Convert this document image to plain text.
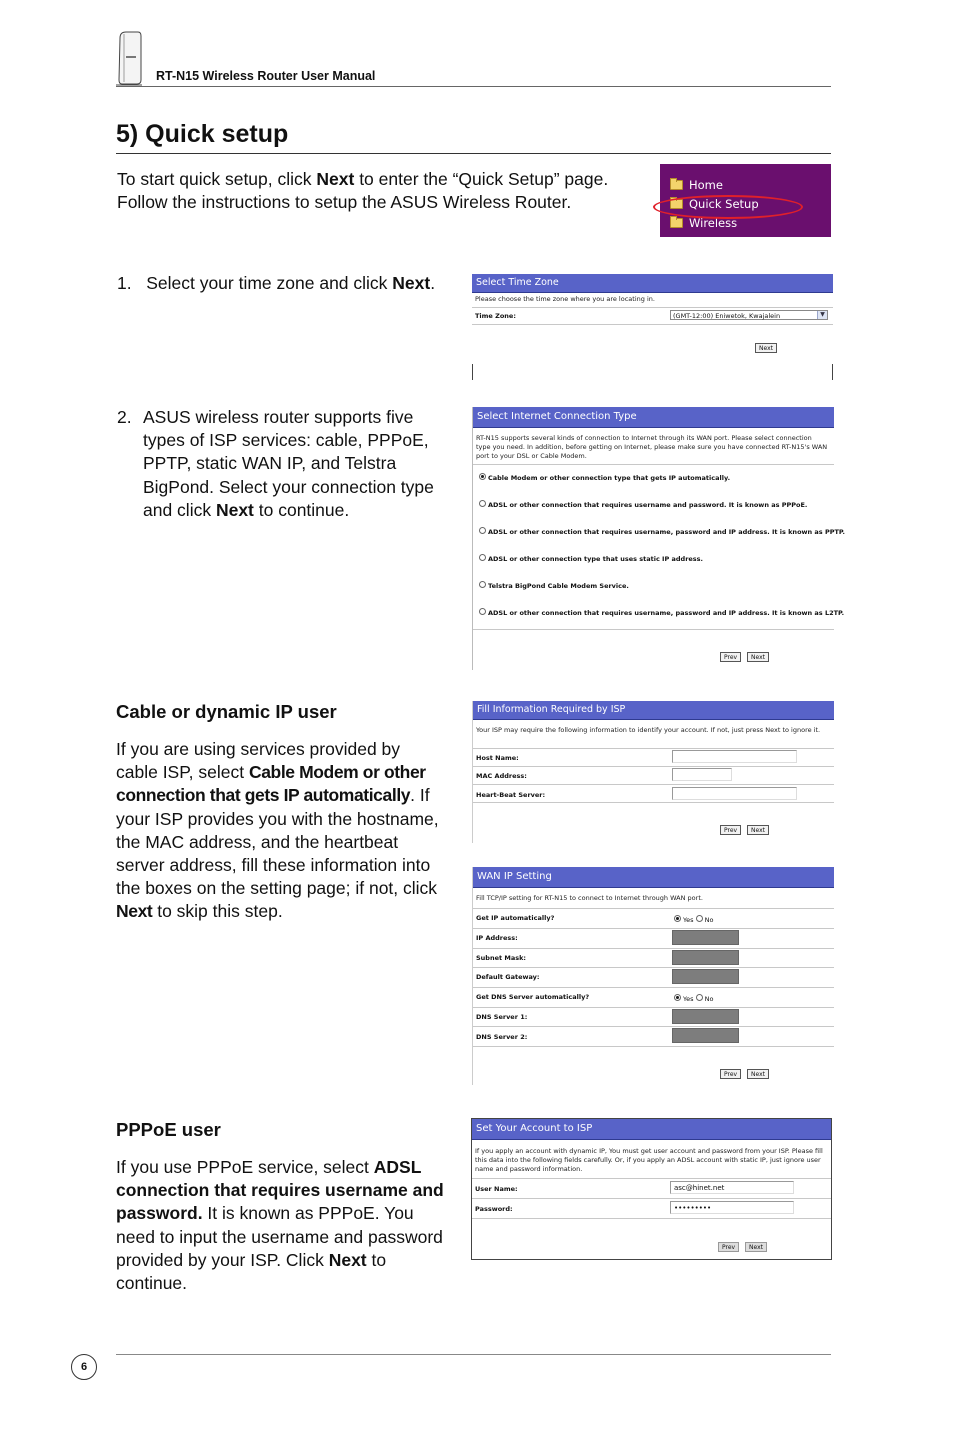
RT-N15 Wireless Router User Manual
5) Quick setup
To start quick setup, click Next to enter the “Quick Setup” page.
Follow the instructions to setup the ASUS Wireless Router.
Home
Quick Setup
Wireless
1. Select your time zone and click Next.	Select Time Zone
Please choose the time zone where you are locating in.
Time Zone:	(GMT-12:00) Eniwetok, Kwajalein	▼
Next
2. ASUS wireless router supports five types of ISP services: cable, PPPoE, PPTP, static WAN IP, and Telstra BigPond. Select your connection type and click Next to continue.
Select Internet Connection Type
RT-N15 supports several kinds of connection to Internet through its WAN port. Please select connection type you need. In addition, before getting on Internet, please make sure you have connected RT-N15's WAN port to your DSL or Cable Modem.
Cable Modem or other connection type that gets IP automatically.
ADSL or other connection that requires username and password. It is known as PPPoE.
ADSL or other connection that requires username, password and IP address. It is known as PPTP.
ADSL or other connection type that uses static IP address.
Telstra BigPond Cable Modem Service.
ADSL or other connection that requires username, password and IP address. It is known as L2TP.
Prev	Next
Cable or dynamic IP user
If you are using services provided by cable ISP, select Cable Modem or other connection that gets IP automatically. If your ISP provides you with the hostname, the MAC address, and the heartbeat server address, fill these information into the boxes on the setting page; if not, click Next to skip this step.
Fill Information Required by ISP
Your ISP may require the following information to identify your account. If not, just press Next to ignore it.
Host Name:
MAC Address:
Heart-Beat Server:
Prev	Next
WAN IP Setting
Fill TCP/IP setting for RT-N15 to connect to Internet through WAN port.
Get IP automatically?	Yes No
IP Address:
Subnet Mask:
Default Gateway:
Get DNS Server automatically?	Yes No
DNS Server 1:
DNS Server 2:
Prev	Next
PPPoE user
If you use PPPoE service, select ADSL connection that requires username and password. It is known as PPPoE. You need to input the username and password provided by your ISP. Click Next to continue.
Set Your Account to ISP
If you apply an account with dynamic IP, You must get user account and password from your ISP. Please fill this data into the following fields carefully. Or, if you apply an ADSL account with static IP, just ignore user name and password information.
User Name:	asc@hinet.net
Password:	•••••••••
Prev	Next
6
